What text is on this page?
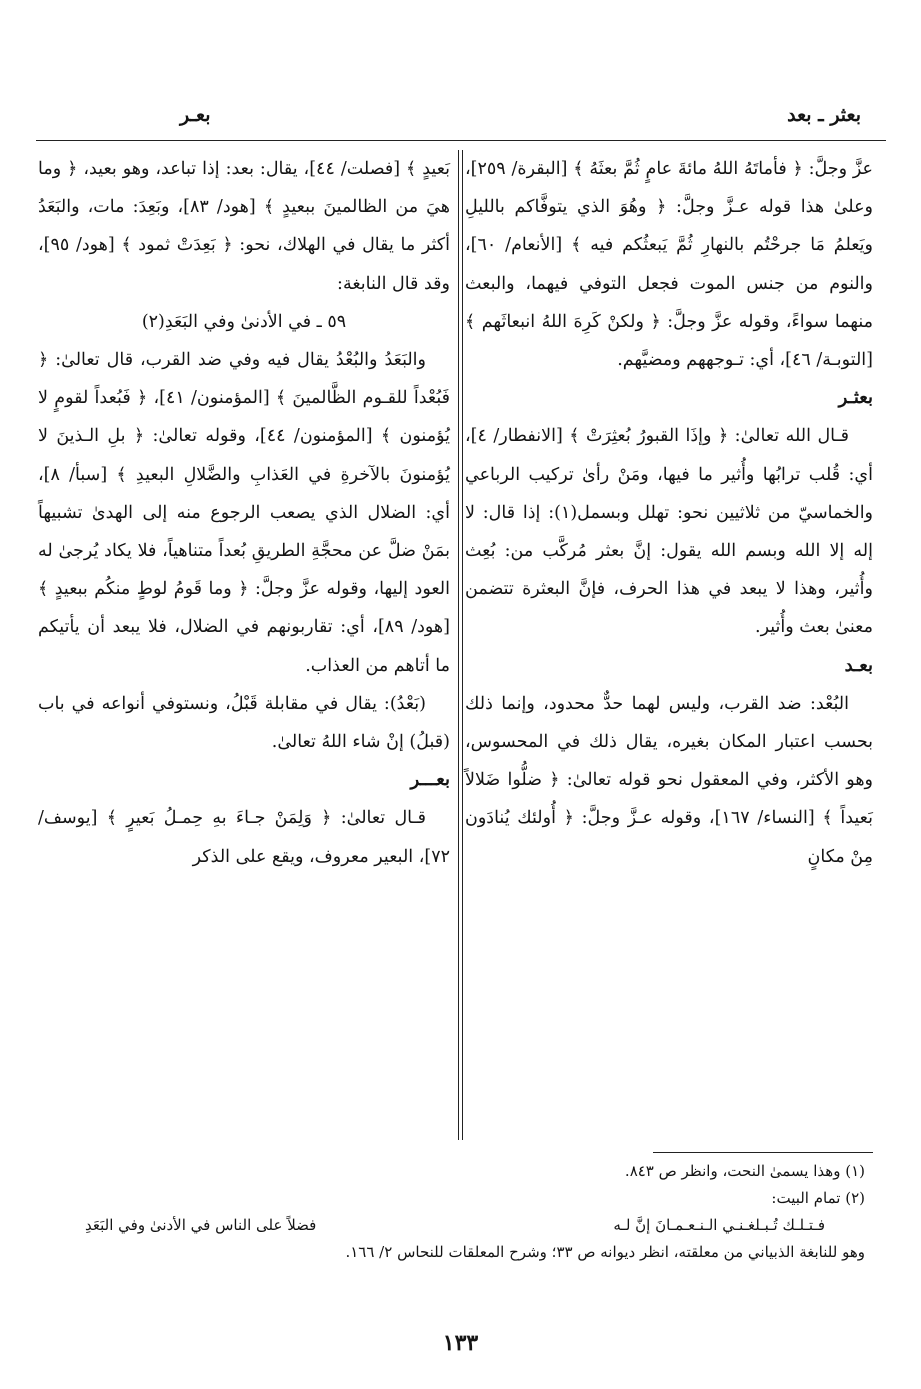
بعثر ـ بعد
بعـر

عزَّ وجلَّ: ﴿ فأماتَهُ اللهُ مائةَ عامٍ ثُمَّ بعثَهُ ﴾ [البقرة/ ٢٥٩]، وعلىٰ هذا قوله عـزَّ وجلَّ: ﴿ وهُوَ الذي يتوفَّاكم بالليلِ ويَعلمُ مَا جرحْتُم بالنهارِ ثُمَّ يَبعثُكم فيه ﴾ [الأنعام/ ٦٠]، والنوم من جنس الموت فجعل التوفي فيهما، والبعث منهما سواءً، وقوله عزَّ وجلَّ: ﴿ ولكنْ كَرِهَ اللهُ انبعاثَهم ﴾ [التوبـة/ ٤٦]، أي: تـوجههم ومضيَّهم.

بعثـر

قـال الله تعالىٰ: ﴿ وإذَا القبورُ بُعثِرَتْ ﴾ [الانفطار/ ٤]، أي: قُلب ترابُها وأُثير ما فيها، ومَنْ رأىٰ تركيب الرباعي والخماسيّ من ثلاثيين نحو: تهلل وبسمل(١): إذا قال: لا إله إلا الله وبسم الله يقول: إنَّ بعثر مُركَّب من: بُعِث وأُثير، وهذا لا يبعد في هذا الحرف، فإنَّ البعثرة تتضمن معنىٰ بعث وأُثير.

بعـد

البُعْد: ضد القرب، وليس لهما حدٌّ محدود، وإنما ذلك بحسب اعتبار المكان بغيره، يقال ذلك في المحسوس، وهو الأكثر، وفي المعقول نحو قوله تعالىٰ: ﴿ ضلُّوا ضَلالاً بَعيداً ﴾ [النساء/ ١٦٧]، وقوله عـزَّ وجلَّ: ﴿ أُولئك يُنادَون مِنْ مكانٍ

بَعيدٍ ﴾ [فصلت/ ٤٤]، يقال: بعد: إذا تباعد، وهو بعيد، ﴿ وما هيَ من الظالمينَ ببعيدٍ ﴾ [هود/ ٨٣]، وبَعِدَ: مات، والبَعَدُ أكثر ما يقال في الهلاك، نحو: ﴿ بَعِدَتْ ثمود ﴾ [هود/ ٩٥]، وقد قال النابغة:

٥٩ ـ في الأدنىٰ وفي البَعَدِ(٢)

والبَعَدُ والبُعْدُ يقال فيه وفي ضد القرب، قال تعالىٰ: ﴿ فَبُعْداً للقـوم الظَّالمينَ ﴾ [المؤمنون/ ٤١]، ﴿ فَبُعداً لقومٍ لا يُؤمنون ﴾ [المؤمنون/ ٤٤]، وقوله تعالىٰ: ﴿ بلِ الـذينَ لا يُؤمنونَ بالآخرةِ في العَذابِ والضَّلالِ البعيدِ ﴾ [سبأ/ ٨]، أي: الضلال الذي يصعب الرجوع منه إلى الهدىٰ تشبيهاً بمَنْ ضلَّ عن محجَّةِ الطريقِ بُعداً متناهياً، فلا يكاد يُرجىٰ له العود إليها، وقوله عزَّ وجلَّ: ﴿ وما قَومُ لوطٍ منكُم ببعيدٍ ﴾ [هود/ ٨٩]، أي: تقاربونهم في الضلال، فلا يبعد أن يأتيكم ما أتاهم من العذاب.

(بَعْدُ): يقال في مقابلة قَبْلُ، ونستوفي أنواعه في باب (قبلُ) إنْ شاء اللهُ تعالىٰ.

بعـــر

قـال تعالىٰ: ﴿ وَلِمَنْ جـاءَ بهِ حِمـلُ بَعيرٍ ﴾ [يوسف/ ٧٢]، البعير معروف، ويقع على الذكر

(١) وهذا يسمىٰ النحت، وانظر ص ٨٤٣.

(٢) تمام البيت:

فـتـلـك تُـبـلغـنـي الـنـعـمـانَ إنَّ لـه
فضلاً على الناس في الأدنىٰ وفي البَعَدِ

وهو للنابغة الذبياني من معلقته، انظر ديوانه ص ٣٣؛ وشرح المعلقات للنحاس ٢/ ١٦٦.

١٣٣
